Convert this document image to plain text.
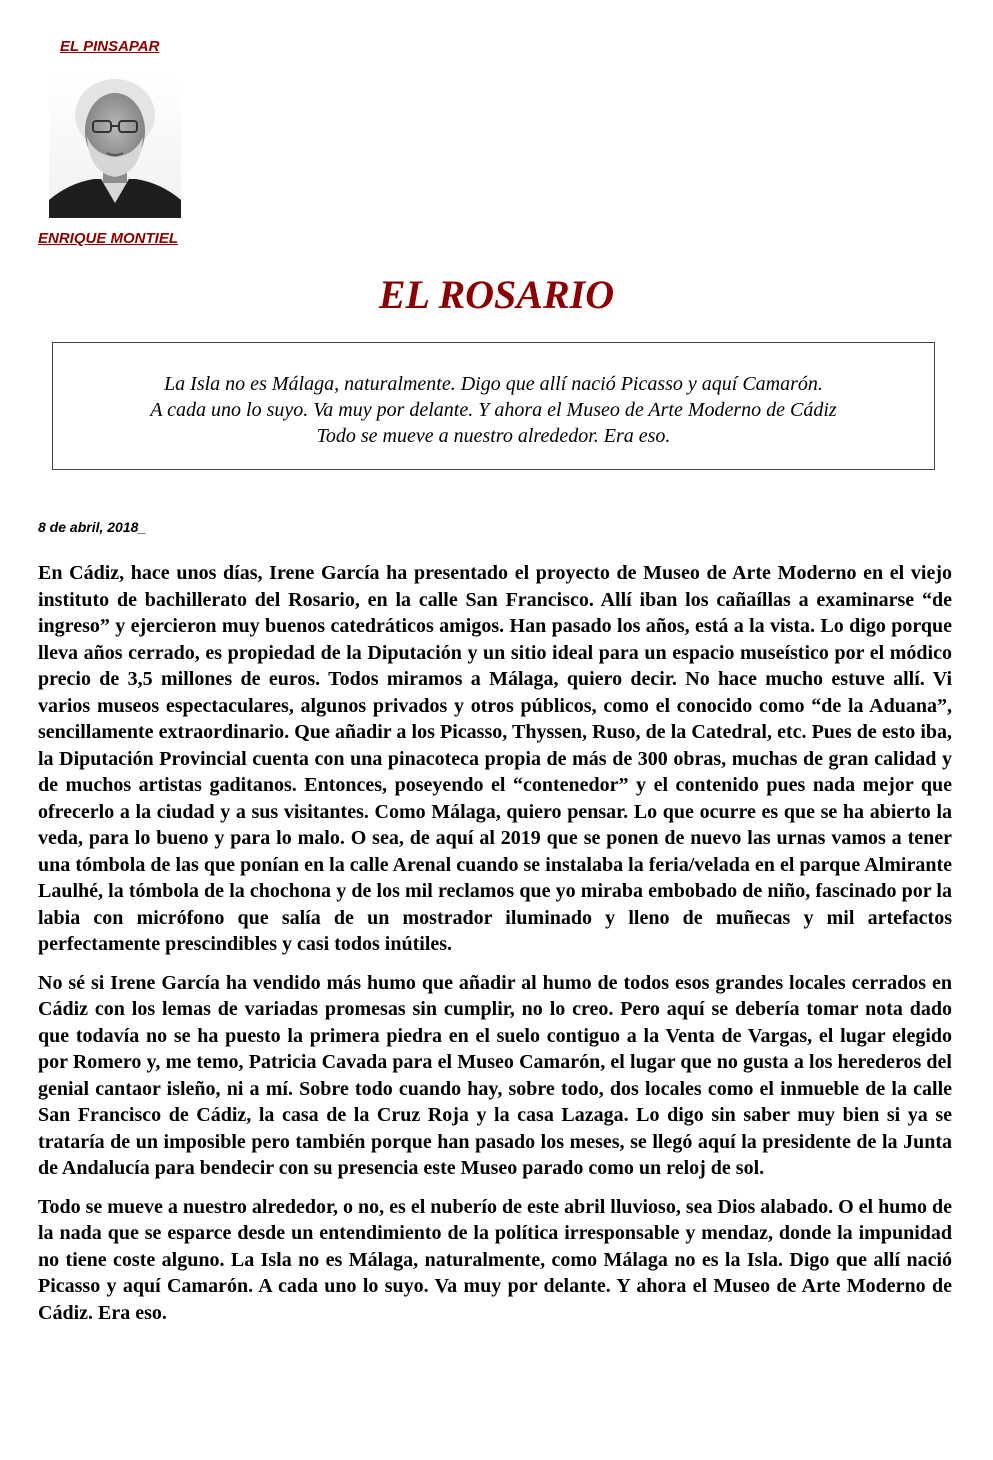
EL PINSAPAR
ENRIQUE MONTIEL
EL ROSARIO
La Isla no es Málaga, naturalmente. Digo que allí nació Picasso y aquí Camarón.
A cada uno lo suyo. Va muy por delante. Y ahora el Museo de Arte Moderno de Cádiz
Todo se mueve a nuestro alrededor. Era eso.
8 de abril, 2018_

En Cádiz, hace unos días, Irene García ha presentado el proyecto de Museo de Arte Moderno en el viejo instituto de bachillerato del Rosario, en la calle San Francisco. Allí iban los cañaíllas a examinarse “de ingreso” y ejercieron muy buenos catedráticos amigos. Han pasado los años, está a la vista. Lo digo porque lleva años cerrado, es propiedad de la Diputación y un sitio ideal para un espacio museístico por el módico precio de 3,5 millones de euros. Todos miramos a Málaga, quiero decir. No hace mucho estuve allí. Vi varios museos espectaculares, algunos privados y otros públicos, como el conocido como “de la Aduana”, sencillamente extraordinario. Que añadir a los Picasso, Thyssen, Ruso, de la Catedral, etc. Pues de esto iba, la Diputación Provincial cuenta con una pinacoteca propia de más de 300 obras, muchas de gran calidad y de muchos artistas gaditanos. Entonces, poseyendo el “contenedor” y el contenido pues nada mejor que ofrecerlo a la ciudad y a sus visitantes. Como Málaga, quiero pensar. Lo que ocurre es que se ha abierto la veda, para lo bueno y para lo malo. O sea, de aquí al 2019 que se ponen de nuevo las urnas vamos a tener una tómbola de las que ponían en la calle Arenal cuando se instalaba la feria/velada en el parque Almirante Laulhé, la tómbola de la chochona y de los mil reclamos que yo miraba embobado de niño, fascinado por la labia con micrófono que salía de un mostrador iluminado y lleno de muñecas y mil artefactos perfectamente prescindibles y casi todos inútiles.

No sé si Irene García ha vendido más humo que añadir al humo de todos esos grandes locales cerrados en Cádiz con los lemas de variadas promesas sin cumplir, no lo creo. Pero aquí se debería tomar nota dado que todavía no se ha puesto la primera piedra en el suelo contiguo a la Venta de Vargas, el lugar elegido por Romero y, me temo, Patricia Cavada para el Museo Camarón, el lugar que no gusta a los herederos del genial cantaor isleño, ni a mí. Sobre todo cuando hay, sobre todo, dos locales como el inmueble de la calle San Francisco de Cádiz, la casa de la Cruz Roja y la casa Lazaga. Lo digo sin saber muy bien si ya se trataría de un imposible pero también porque han pasado los meses, se llegó aquí la presidente de la Junta de Andalucía para bendecir con su presencia este Museo parado como un reloj de sol.

Todo se mueve a nuestro alrededor, o no, es el nuberío de este abril lluvioso, sea Dios alabado. O el humo de la nada que se esparce desde un entendimiento de la política irresponsable y mendaz, donde la impunidad no tiene coste alguno. La Isla no es Málaga, naturalmente, como Málaga no es la Isla. Digo que allí nació Picasso y aquí Camarón. A cada uno lo suyo. Va muy por delante. Y ahora el Museo de Arte Moderno de Cádiz. Era eso.
